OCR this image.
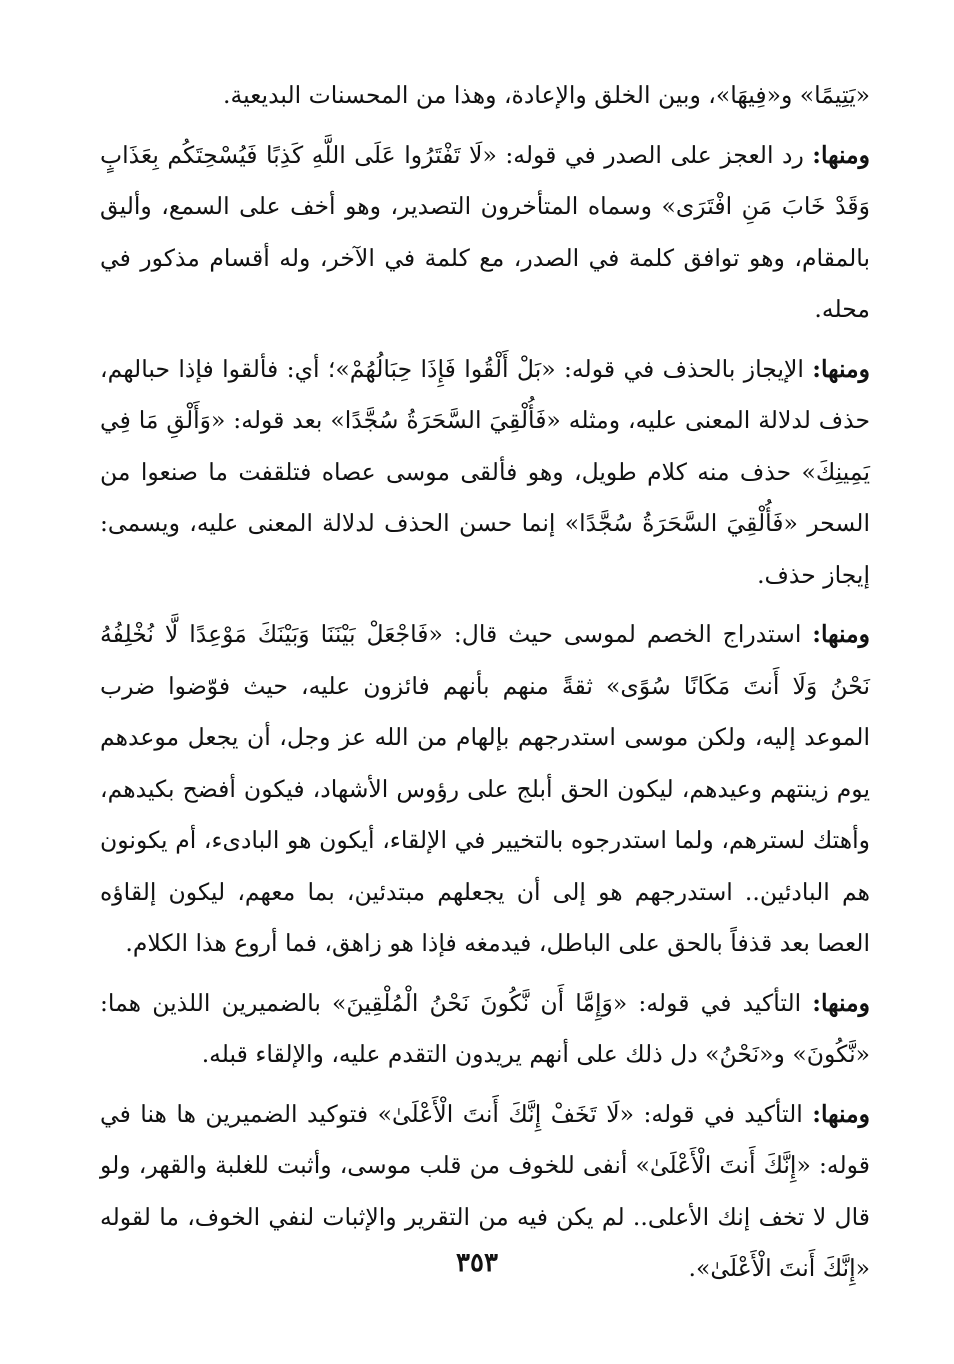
«يَتِيمًا» و«فِيهَا»، وبين الخلق والإعادة، وهذا من المحسنات البديعية.

ومنها: رد العجز على الصدر في قوله: «لَا تَفْتَرُوا عَلَى اللَّهِ كَذِبًا فَيُسْحِتَكُم بِعَذَابٍ وَقَدْ خَابَ مَنِ افْتَرَى» وسماه المتأخرون التصدير، وهو أخف على السمع، وأليق بالمقام، وهو توافق كلمة في الصدر، مع كلمة في الآخر، وله أقسام مذكور في محله.

ومنها: الإيجاز بالحذف في قوله: «بَلْ أَلْقُوا فَإِذَا حِبَالُهُمْ»؛ أي: فألقوا فإذا حبالهم، حذف لدلالة المعنى عليه، ومثله «فَأُلْقِيَ السَّحَرَةُ سُجَّدًا» بعد قوله: «وَأَلْقِ مَا فِي يَمِينِكَ» حذف منه كلام طويل، وهو فألقى موسى عصاه فتلقفت ما صنعوا من السحر «فَأُلْقِيَ السَّحَرَةُ سُجَّدًا» إنما حسن الحذف لدلالة المعنى عليه، ويسمى: إيجاز حذف.

ومنها: استدراج الخصم لموسى حيث قال: «فَاجْعَلْ بَيْنَنَا وَبَيْنَكَ مَوْعِدًا لَّا نُخْلِفُهُ نَحْنُ وَلَا أَنتَ مَكَانًا سُوًى» ثقةً منهم بأنهم فائزون عليه، حيث فوّضوا ضرب الموعد إليه، ولكن موسى استدرجهم بإلهام من الله عز وجل، أن يجعل موعدهم يوم زينتهم وعيدهم، ليكون الحق أبلج على رؤوس الأشهاد، فيكون أفضح بكيدهم، وأهتك لسترهم، ولما استدرجوه بالتخيير في الإلقاء، أيكون هو البادىء، أم يكونون هم البادئين.. استدرجهم هو إلى أن يجعلهم مبتدئين، بما معهم، ليكون إلقاؤه العصا بعد قذفاً بالحق على الباطل، فيدمغه فإذا هو زاهق، فما أروع هذا الكلام.

ومنها: التأكيد في قوله: «وَإِمَّا أَن نَّكُونَ نَحْنُ الْمُلْقِينَ» بالضميرين اللذين هما: «نَّكُونَ» و«نَحْنُ» دل ذلك على أنهم يريدون التقدم عليه، والإلقاء قبله.

ومنها: التأكيد في قوله: «لَا تَخَفْ إِنَّكَ أَنتَ الْأَعْلَىٰ» فتوكيد الضميرين ها هنا في قوله: «إِنَّكَ أَنتَ الْأَعْلَىٰ» أنفى للخوف من قلب موسى، وأثبت للغلبة والقهر، ولو قال لا تخف إنك الأعلى.. لم يكن فيه من التقرير والإثبات لنفي الخوف، ما لقوله «إِنَّكَ أَنتَ الْأَعْلَىٰ».

٣٥٣
